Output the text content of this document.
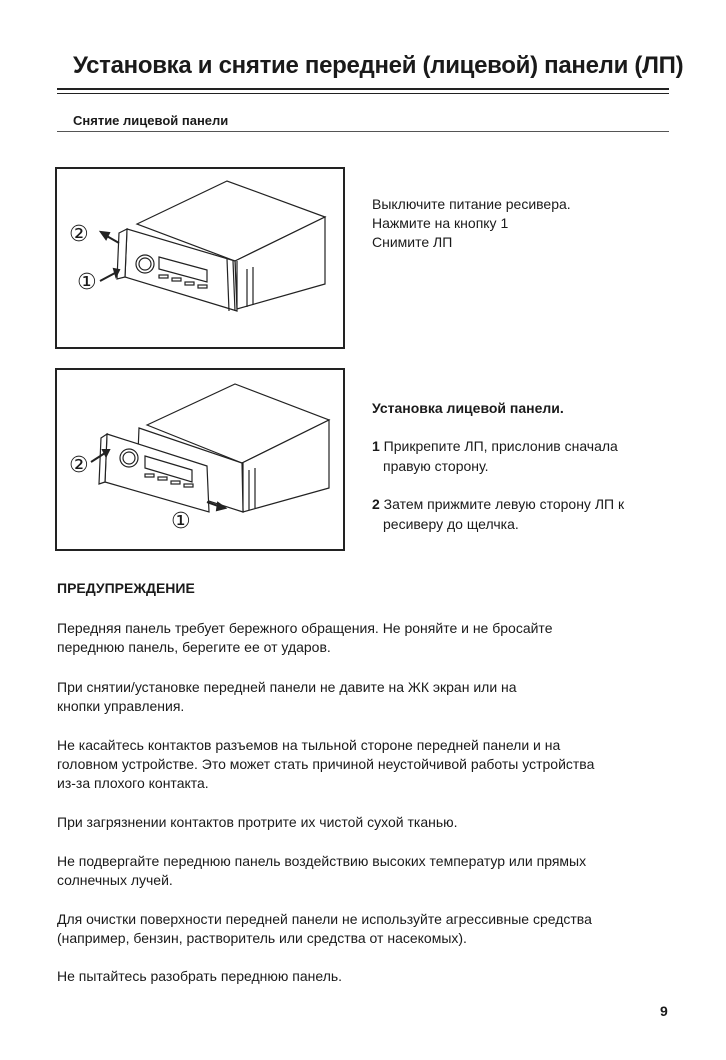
Установка и снятие передней (лицевой) панели (ЛП)
Снятие лицевой панели
②
①
Выключите питание ресивера.
Нажмите на кнопку 1
Снимите ЛП
②
①
Установка лицевой панели.
1 Прикрепите ЛП, прислонив сначала
правую сторону.
2 Затем прижмите левую сторону ЛП к
ресиверу до щелчка.
ПРЕДУПРЕЖДЕНИЕ
Передняя панель требует бережного обращения. Не роняйте и не бросайте
переднюю панель, берегите ее от ударов.
При снятии/установке передней панели не давите на ЖК экран или на
кнопки управления.
Не касайтесь контактов разъемов на тыльной стороне передней панели и на
головном устройстве. Это может стать причиной неустойчивой работы устройства
из-за плохого контакта.
При загрязнении контактов протрите их чистой сухой тканью.
Не подвергайте переднюю панель воздействию высоких температур или прямых
солнечных лучей.
Для очистки поверхности передней панели не используйте агрессивные средства
(например, бензин, растворитель или средства от насекомых).
Не пытайтесь разобрать переднюю панель.
9
